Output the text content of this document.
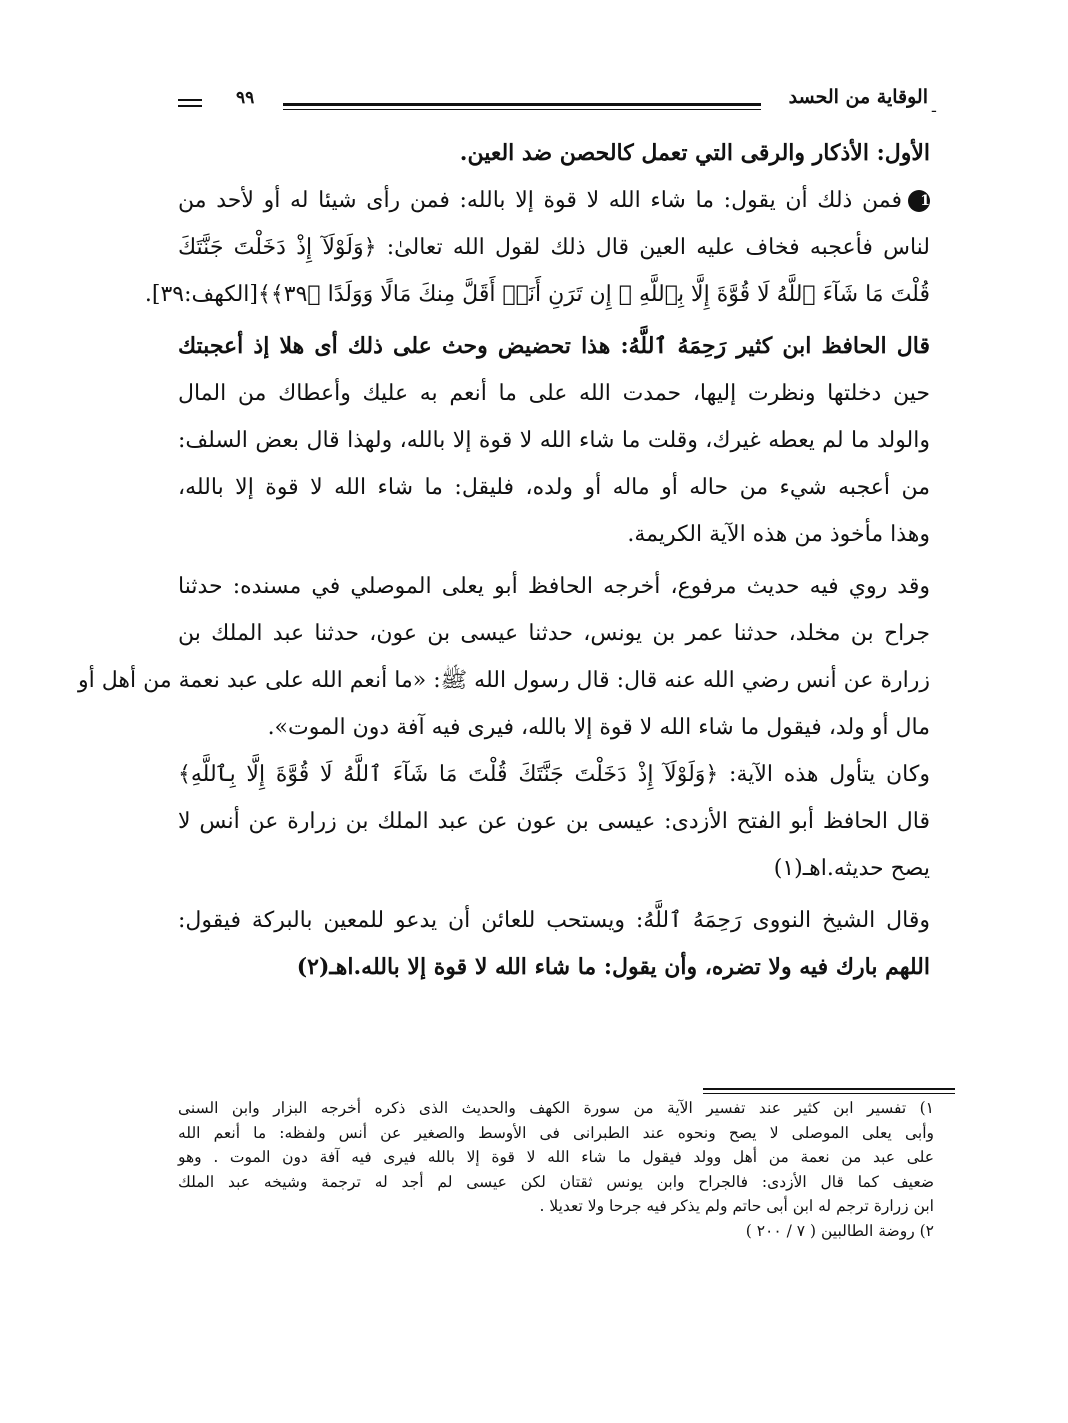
ـ
الوقاية من الحسد
٩٩
الأول: الأذكار والرقى التي تعمل كالحصن ضد العين.
1فمن ذلك أن يقول: ما شاء الله لا قوة إلا بالله: فمن رأى شيئا له أو لأحد من
لناس فأعجبه فخاف عليه العين قال ذلك لقول الله تعالىٰ: ﴿وَلَوْلَآ إِذْ دَخَلْتَ جَنَّتَكَ
قُلْتَ مَا شَآءَ ٱللَّهُ لَا قُوَّةَ إِلَّا بِٱللَّهِ ۚ إِن تَرَنِ أَنَا۠ أَقَلَّ مِنكَ مَالًا وَوَلَدًا ﴿٣٩﴾﴾[الكهف:٣٩].
قال الحافظ ابن كثير رَحِمَهُ ٱللَّهُ: هذا تحضيض وحث على ذلك أى هلا إذ أعجبتك
حين دخلتها ونظرت إليها، حمدت الله على ما أنعم به عليك وأعطاك من المال
والولد ما لم يعطه غيرك، وقلت ما شاء الله لا قوة إلا بالله، ولهذا قال بعض السلف:
من أعجبه شيء من حاله أو ماله أو ولده، فليقل: ما شاء الله لا قوة إلا بالله،
وهذا مأخوذ من هذه الآية الكريمة.
وقد روي فيه حديث مرفوع، أخرجه الحافظ أبو يعلى الموصلي في مسنده: حدثنا
جراح بن مخلد، حدثنا عمر بن يونس، حدثنا عيسى بن عون، حدثنا عبد الملك بن
زرارة عن أنس رضي الله عنه قال: قال رسول الله ﷺ: «ما أنعم الله على عبد نعمة من أهل أو
مال أو ولد، فيقول ما شاء الله لا قوة إلا بالله، فيرى فيه آفة دون الموت».
وكان يتأول هذه الآية: ﴿وَلَوْلَآ إِذْ دَخَلْتَ جَنَّتَكَ قُلْتَ مَا شَآءَ ٱللَّهُ لَا قُوَّةَ إِلَّا بِٱللَّهِ﴾
قال الحافظ أبو الفتح الأزدى: عيسى بن عون عن عبد الملك بن زرارة عن أنس لا
يصح حديثه.اهـ(١)
وقال الشيخ النووى رَحِمَهُ ٱللَّهُ: ويستحب للعائن أن يدعو للمعين بالبركة فيقول:
اللهم بارك فيه ولا تضره، وأن يقول: ما شاء الله لا قوة إلا بالله.اهـ(٢)
١) تفسير ابن كثير عند تفسير الآية من سورة الكهف والحديث الذى ذكره أخرجه البزار وابن السنى
وأبى يعلى الموصلى لا يصح ونحوه عند الطبرانى فى الأوسط والصغير عن أنس ولفظه: ما أنعم الله
على عبد من نعمة من أهل وولد فيقول ما شاء الله لا قوة إلا بالله فيرى فيه آفة دون الموت . وهو
ضعيف كما قال الأزدى: فالجراح وابن يونس ثقتان لكن عيسى لم أجد له ترجمة وشيخه عبد الملك
ابن زرارة ترجم له ابن أبى حاتم ولم يذكر فيه جرحا ولا تعديلا .
٢) روضة الطالبين ( ٧ / ٢٠٠ )
